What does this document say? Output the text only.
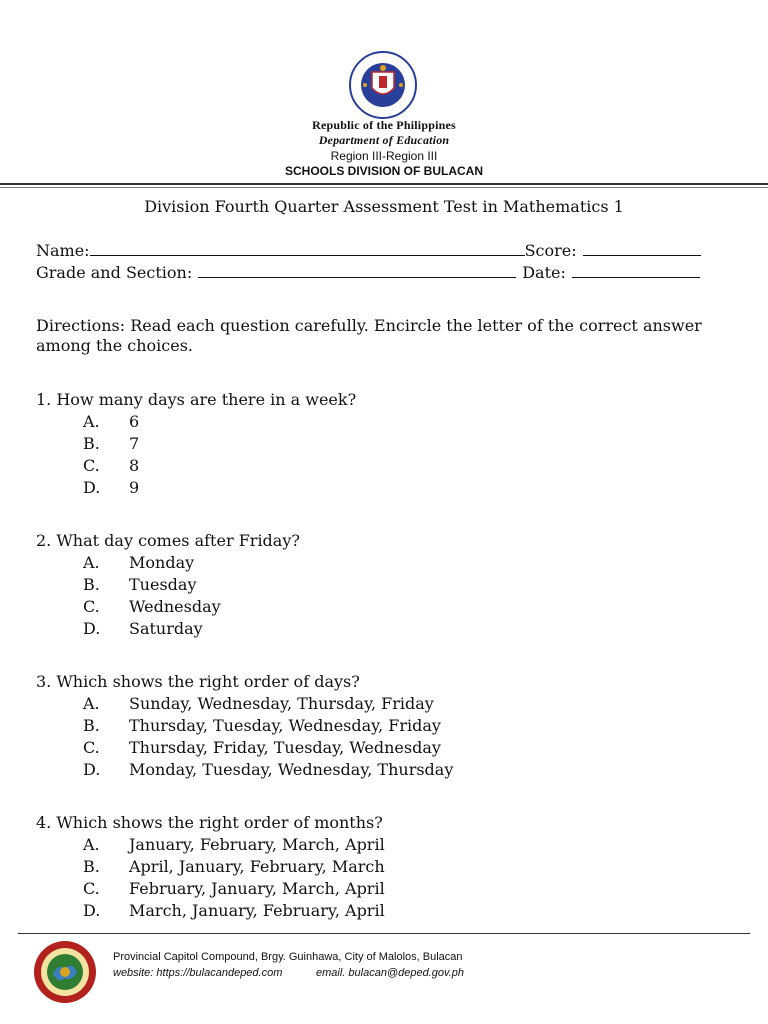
Republic of the Philippines
Department of Education
Region III-Region III
SCHOOLS DIVISION OF BULACAN
Division Fourth Quarter Assessment Test in Mathematics 1
Name:	Score:
Grade and Section:	Date:
Directions: Read each question carefully. Encircle the letter of the correct answer among the choices.
1. How many days are there in a week?
A. 6
B. 7
C. 8
D. 9
2. What day comes after Friday?
A. Monday
B. Tuesday
C. Wednesday
D. Saturday
3. Which shows the right order of days?
A. Sunday, Wednesday, Thursday, Friday
B. Thursday, Tuesday, Wednesday, Friday
C. Thursday, Friday, Tuesday, Wednesday
D. Monday, Tuesday, Wednesday, Thursday
4. Which shows the right order of months?
A. January, February, March, April
B. April, January, February, March
C. February, January, March, April
D. March, January, February, April
Provincial Capitol Compound, Brgy. Guinhawa, City of Malolos, Bulacan
website: https://bulacandeped.com	email. bulacan@deped.gov.ph
